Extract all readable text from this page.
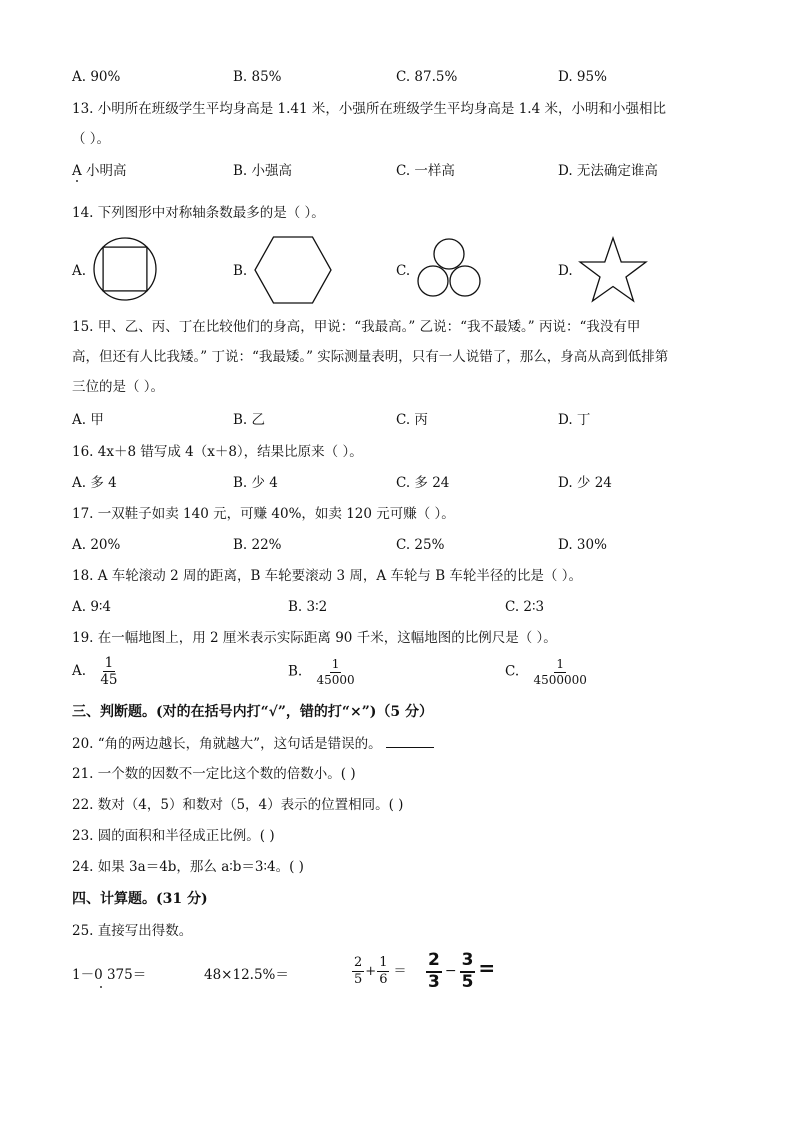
A. 90%	B. 85%	C. 87.5%	D. 95%
13. 小明所在班级学生平均身高是 1.41 米，小强所在班级学生平均身高是 1.4 米，小明和小强相比
（ ）。
A 小明高	B. 小强高	C. 一样高	D. 无法确定谁高
14. 下列图形中对称轴条数最多的是（ ）。
A.	B.	C.	D.
15. 甲、乙、丙、丁在比较他们的身高，甲说：“我最高。” 乙说：“我不最矮。” 丙说：“我没有甲
高，但还有人比我矮。” 丁说：“我最矮。” 实际测量表明，只有一人说错了，那么，身高从高到低排第
三位的是（ ）。
A. 甲	B. 乙	C. 丙	D. 丁
16. 4x＋8 错写成 4（x＋8），结果比原来（ ）。
A. 多 4	B. 少 4	C. 多 24	D. 少 24
17. 一双鞋子如卖 140 元，可赚 40%，如卖 120 元可赚（ ）。
A. 20%	B. 22%	C. 25%	D. 30%
18. A 车轮滚动 2 周的距离，B 车轮要滚动 3 周，A 车轮与 B 车轮半径的比是（ ）。
A. 9∶4	B. 3∶2	C. 2∶3
19. 在一幅地图上，用 2 厘米表示实际距离 90 千米，这幅地图的比例尺是（ ）。
A. $\frac{1}{45}$	B. $\frac{1}{45000}$	C. $\frac{1}{4500000}$
三、判断题。(对的在括号内打“√”，错的打“×”)（5 分）
20. “角的两边越长，角就越大”，这句话是错误的。
21. 一个数的因数不一定比这个数的倍数小。( )
22. 数对（4，5）和数对（5，4）表示的位置相同。( )
23. 圆的面积和半径成正比例。( )
24. 如果 3a＝4b，那么 a∶b＝3∶4。( )
四、计算题。(31 分)
25. 直接写出得数。
1－0 375＝	48×12.5%＝	$\frac{2}{5} + \frac{1}{6} = \frac{2}{3} - \frac{3}{5}$ =
